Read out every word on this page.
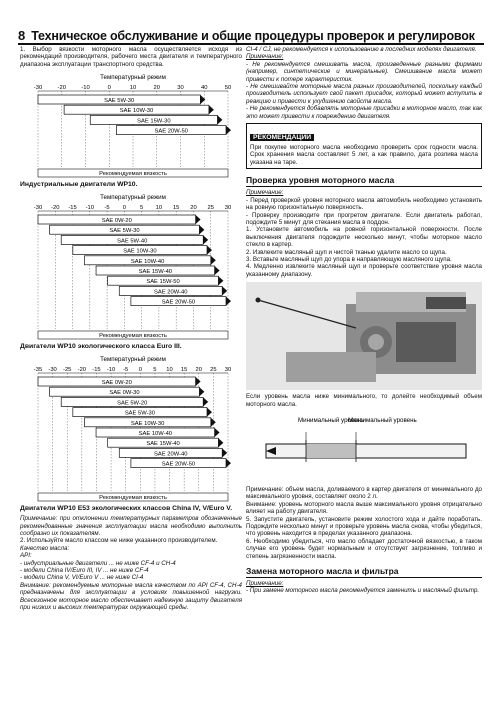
8 Техническое обслуживание и общие процедуры проверок и регулировок

1. Выбор вязкости моторного масла осуществляется исходя из рекомендаций производителя, рабочего места двигателя и температурного диапазона эксплуатации транспортного средства.

Температурный режим
-30	-20	-10	0	10	20	30	40	50
SAE 5W-30
SAE 10W-30
SAE 15W-30
SAE 20W-50
Рекомендуемая вязкость

Индустриальные двигатели WP10.

Температурный режим
-30 -20 -15 -10 -5 0 5 10 15 20 25 30
SAE 0W-20
SAE 5W-30
SAE 5W-40
SAE 10W-30
SAE 10W-40
SAE 15W-40
SAE 15W-50
SAE 20W-40
SAE 20W-50
Рекомендуемая вязкость

Двигатели WP10 экологического класса Euro III.

Температурный режим
-35 -30 -25 -20 -15 -10 -5 0 5 10 15 20 25 30
SAE 0W-20
SAE 0W-30
SAE 5W-20
SAE 5W-30
SAE 10W-30
SAE 10W-40
SAE 15W-40
SAE 20W-40
SAE 20W-50
Рекомендуемая вязкость

Двигатели WP10 E53 экологических классов China IV, V/Euro V.

Примечание: при отклонении температурных параметров обозначенные рекомендованные значения эксплуатации масла необходимо выполнить сообразно их показателям.

2. Используйте масло классом не ниже указанного производителем.

Качество масла:

API:

- индустриальные двигатели ... не ниже CF-4 и CH-4

- модели China IV/Euro III, IV ... не ниже CF-4

- модели China V, VI/Euro V ... не ниже CI-4

Внимание: рекомендуемые моторные масла качеством по API CF-4, CH-4 предназначены для эксплуатации в условиях повышенной нагрузки. Всесезонное моторное масло обеспечивает надежную защиту двигателя при низких и высоких температурах окружающей среды.

CI-4 / CJ, не рекомендуется к использованию в последних моделях двигателя.

Примечание:

- Не рекомендуется смешивать масла, произведенные разными фирмами (например, синтетические и минеральные). Смешивание масла может привести к потере характеристик.

- Не смешивайте моторные масла разных производителей, поскольку каждый производитель использует свой пакет присадок, который может вступить в реакцию и привести к ухудшению свойств масла.

- Не рекомендуется добавлять моторные присадки в моторное масло, так как это может привести к повреждению двигателя.

РЕКОМЕНДАЦИИ

При покупке моторного масла необходимо проверить срок годности масла. Срок хранения масла составляет 5 лет, а как правило, дата розлива масла указана на таре.

Проверка уровня моторного масла

Примечание:

- Перед проверкой уровня моторного масла автомобиль необходимо установить на ровную горизонтальную поверхность.

- Проверку производите при прогретом двигателе. Если двигатель работал, подождите 5 минут для стекания масла в поддон.

1. Установите автомобиль на ровной горизонтальной поверхности. После выключения двигателя подождите несколько минут, чтобы моторное масло стекло в картер.

2. Извлеките масляный щуп и чистой тканью удалите масло со щупа.

3. Вставьте масляный щуп до упора в направляющую масляного щупа.

4. Медленно извлеките масляный щуп и проверьте соответствие уровня масла указанному диапазону.

Если уровень масла ниже минимального, то долейте необходимый объем моторного масла.

Минимальный уровень
Максимальный уровень

Примечание: объем масла, доливаемого в картер двигателя от минимального до максимального уровня, составляет около 2 л.

Внимание: уровень моторного масла выше максимального уровня отрицательно влияет на работу двигателя.

5. Запустите двигатель, установите режим холостого хода и дайте поработать. Подождите несколько минут и проверьте уровень масла снова, чтобы убедиться, что уровень находится в пределах указанного диапазона.

6. Необходимо убедиться, что масло обладает достаточной вязкостью, в таком случае его уровень будет нормальным и отсутствует загрязнение, топливо и степень загрязненности масла.

Замена моторного масла и фильтра

Примечание:

- При замене моторного масла рекомендуется заменить и масляный фильтр.
